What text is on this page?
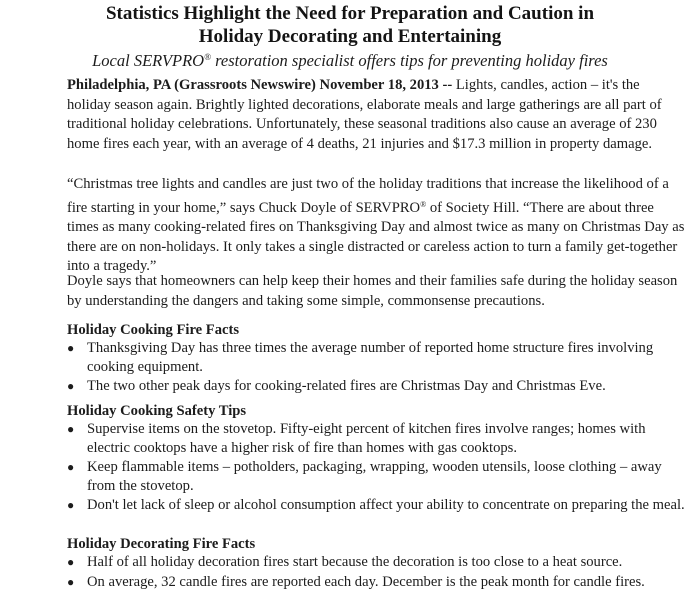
Statistics Highlight the Need for Preparation and Caution in
Holiday Decorating and Entertaining
Local SERVPRO® restoration specialist offers tips for preventing holiday fires

Philadelphia, PA (Grassroots Newswire) November 18, 2013 -- Lights, candles, action – it's the holiday season again. Brightly lighted decorations, elaborate meals and large gatherings are all part of traditional holiday celebrations. Unfortunately, these seasonal traditions also cause an average of 230 home fires each year, with an average of 4 deaths, 21 injuries and $17.3 million in property damage.

“Christmas tree lights and candles are just two of the holiday traditions that increase the likelihood of a fire starting in your home,” says Chuck Doyle of SERVPRO® of Society Hill. “There are about three times as many cooking-related fires on Thanksgiving Day and almost twice as many on Christmas Day as there are on non-holidays. It only takes a single distracted or careless action to turn a family get-together into a tragedy.”

Doyle says that homeowners can help keep their homes and their families safe during the holiday season by understanding the dangers and taking some simple, commonsense precautions.

Holiday Cooking Fire Facts
● Thanksgiving Day has three times the average number of reported home structure fires involving cooking equipment.
● The two other peak days for cooking-related fires are Christmas Day and Christmas Eve.
Holiday Cooking Safety Tips
● Supervise items on the stovetop. Fifty-eight percent of kitchen fires involve ranges; homes with electric cooktops have a higher risk of fire than homes with gas cooktops.
● Keep flammable items – potholders, packaging, wrapping, wooden utensils, loose clothing – away from the stovetop.
● Don't let lack of sleep or alcohol consumption affect your ability to concentrate on preparing the meal.
Holiday Decorating Fire Facts
● Half of all holiday decoration fires start because the decoration is too close to a heat source.
● On average, 32 candle fires are reported each day. December is the peak month for candle fires.
